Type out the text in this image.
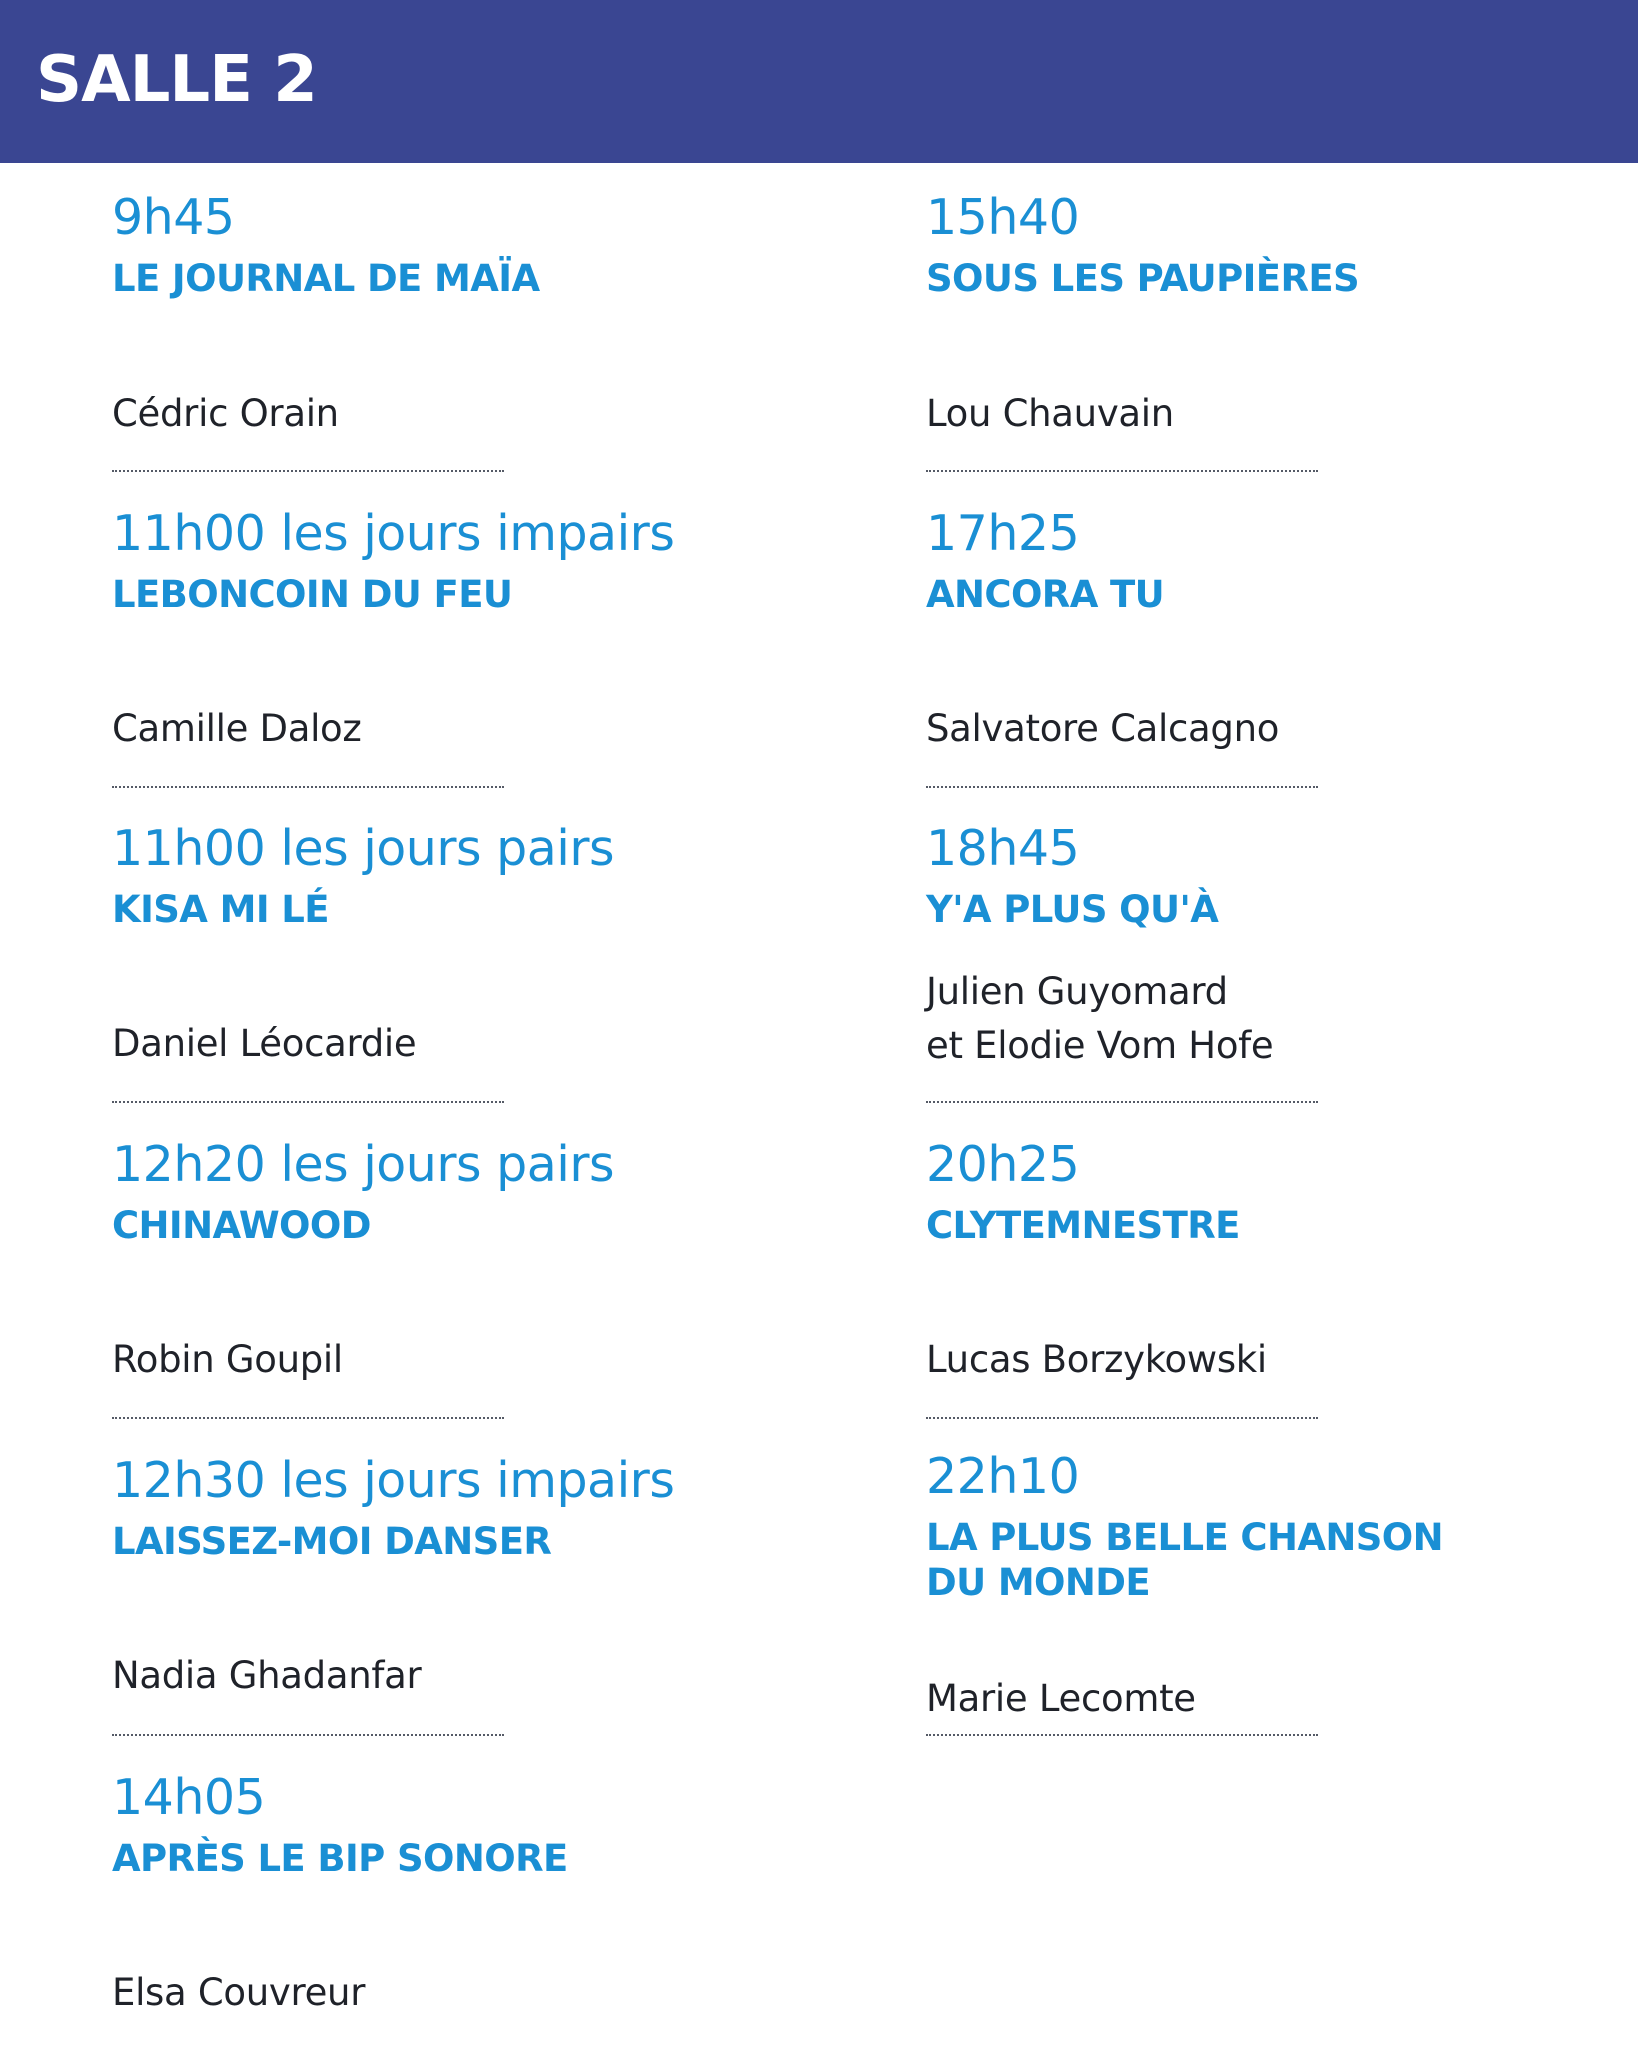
SALLE 2
9h45
LE JOURNAL DE MAÏA
Cédric Orain
11h00 les jours impairs
LEBONCOIN DU FEU
Camille Daloz
11h00 les jours pairs
KISA MI LÉ
Daniel Léocardie
12h20 les jours pairs
CHINAWOOD
Robin Goupil
12h30 les jours impairs
LAISSEZ-MOI DANSER
Nadia Ghadanfar
14h05
APRÈS LE BIP SONORE
Elsa Couvreur
15h40
SOUS LES PAUPIÈRES
Lou Chauvain
17h25
ANCORA TU
Salvatore Calcagno
18h45
Y'A PLUS QU'À
Julien Guyomard
et Elodie Vom Hofe
20h25
CLYTEMNESTRE
Lucas Borzykowski
22h10
LA PLUS BELLE CHANSON DU MONDE
Marie Lecomte
